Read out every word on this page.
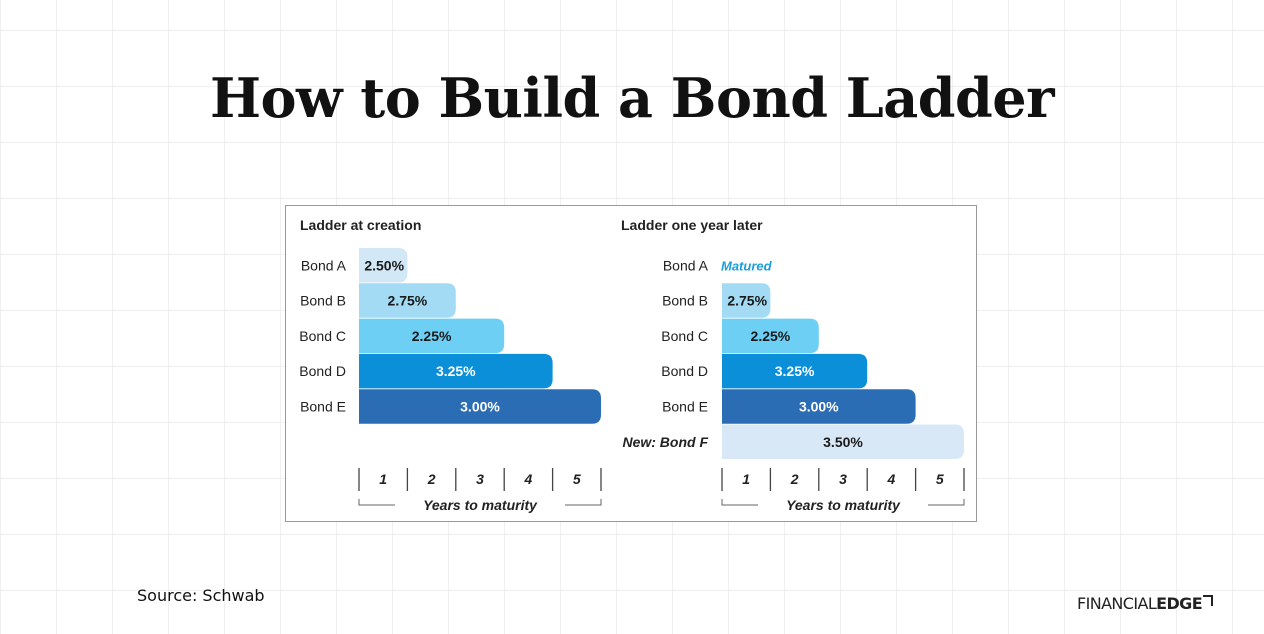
How to Build a Bond Ladder
Ladder at creation
Bond A 2.50%
Bond B	2.75%
Bond C	2.25%
Bond D	3.25%
Bond E	3.00%
1	2	3	4	5
Years to maturity
Ladder one year later
Bond A Matured
Bond B 2.75%
Bond C	2.25%
Bond D	3.25%
Bond E	3.00%
New: Bond F	3.50%
1	2	3	4	5
Years to maturity
Source: Schwab	FINANCIAL EDGE
